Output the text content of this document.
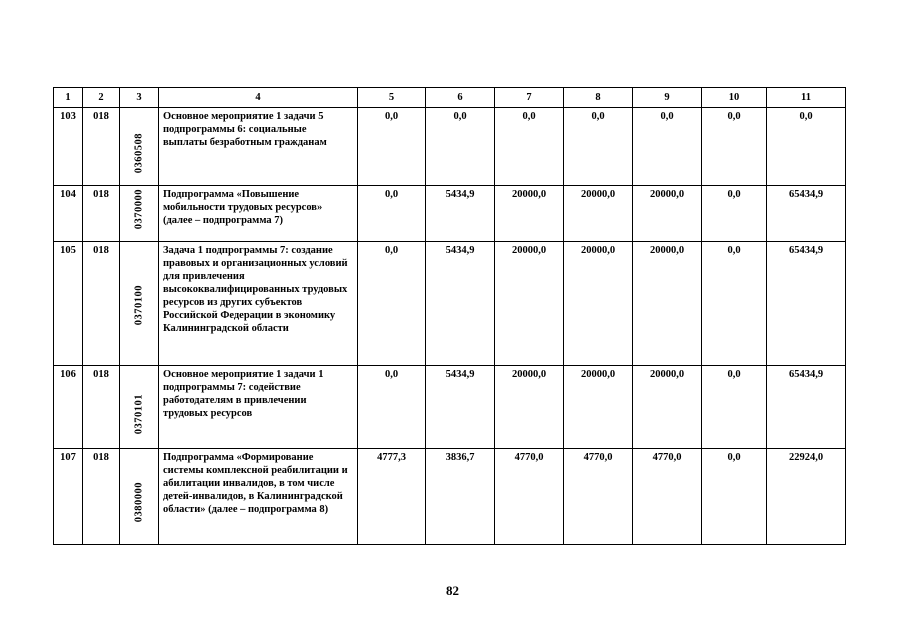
1	2	3	4	5	6	7	8	9	10	11
103	018	0360508	Основное мероприятие 1 задачи 5 подпрограммы 6: социальные выплаты безработным гражданам	0,0	0,0	0,0	0,0	0,0	0,0	0,0
104	018	0370000	Подпрограмма «Повышение мобильности трудовых ресурсов» (далее – подпрограмма 7)	0,0	5434,9	20000,0	20000,0	20000,0	0,0	65434,9
105	018	0370100	Задача 1 подпрограммы 7: создание правовых и организационных условий для привлечения высококвалифицированных трудовых ресурсов из других субъектов Российской Федерации в экономику Калининградской области	0,0	5434,9	20000,0	20000,0	20000,0	0,0	65434,9
106	018	0370101	Основное мероприятие 1 задачи 1 подпрограммы 7: содействие работодателям в привлечении трудовых ресурсов	0,0	5434,9	20000,0	20000,0	20000,0	0,0	65434,9
107	018	0380000	Подпрограмма «Формирование системы комплексной реабилитации и абилитации инвалидов, в том числе детей-инвалидов, в Калининградской области» (далее – подпрограмма 8)	4777,3	3836,7	4770,0	4770,0	4770,0	0,0	22924,0
82
